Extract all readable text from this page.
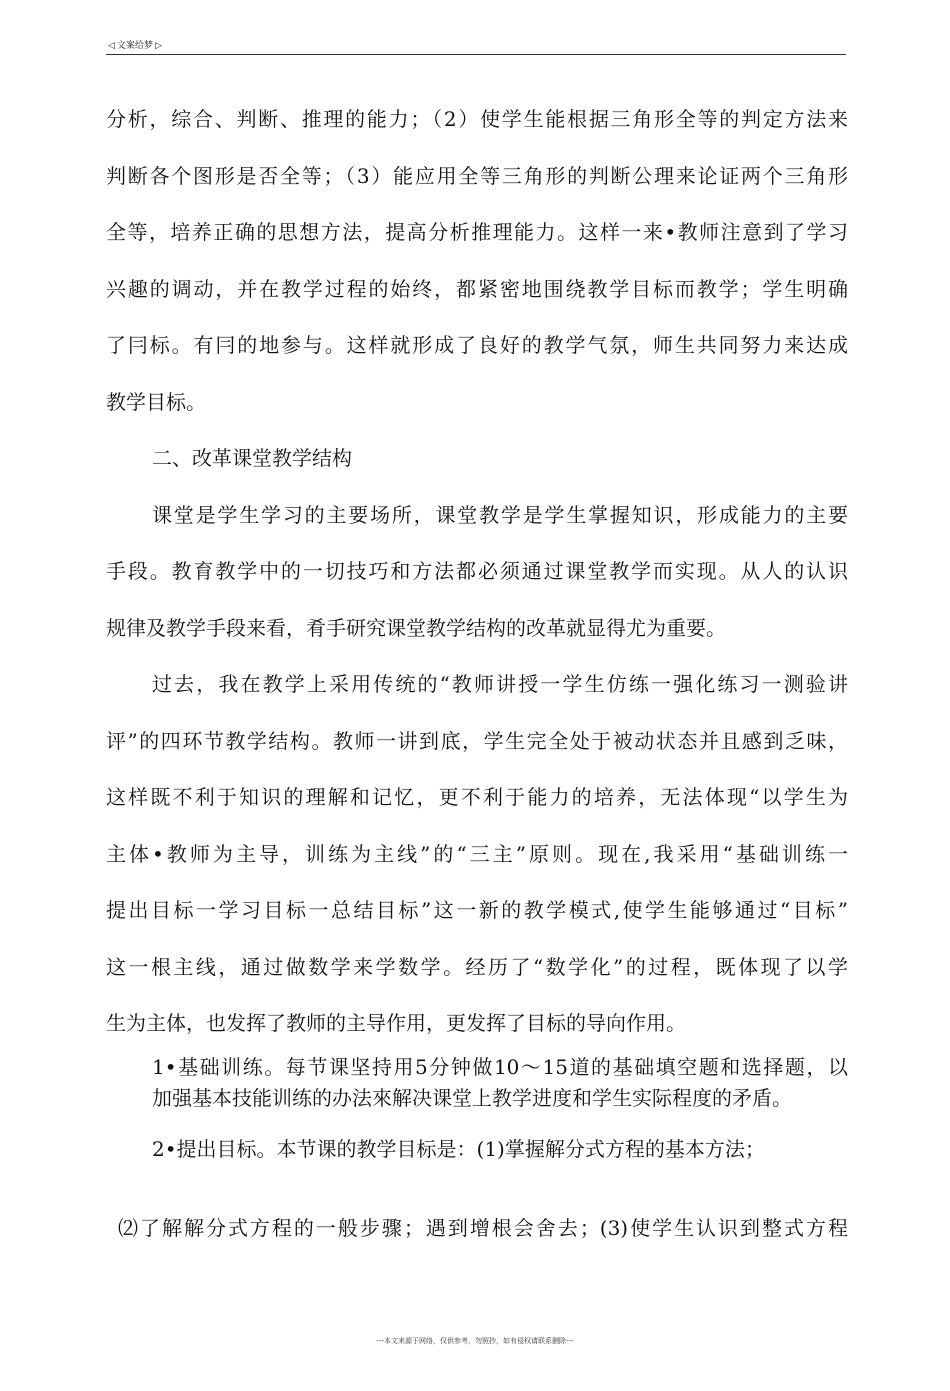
◁ 文案给梦 ▷
分析，综合、判断、推理的能力；（2）使学生能根据三角形全等的判定方法来
判断各个图形是否全等；（3）能应用全等三角形的判断公理来论证两个三角形
全等，培养正确的思想方法，提高分析推理能力。这样一来•教师注意到了学习
兴趣的调动，并在教学过程的始终，都紧密地围绕教学目标而教学；学生明确
了冃标。有冃的地参与。这样就形成了良好的教学气氛，师生共同努力来达成
教学目标。
二、改革课堂教学结构
课堂是学生学习的主要场所，课堂教学是学生掌握知识，形成能力的主要
手段。教育教学中的一切技巧和方法都必须通过课堂教学而实现。从人的认识
规律及教学手段来看，肴手研究课堂教学结构的改革就显得尤为重要。
过去，我在教学上采用传统的“教师讲授一学生仿练一强化练习一测验讲
评”的四环节教学结构。教师一讲到底，学生完全处于被动状态并且感到乏味，
这样既不利于知识的理解和记忆，更不利于能力的培养，无法体现“以学生为
主体•教师为主导，训练为主线”的“三主”原则。现在,我采用“基础训练一
提出目标一学习目标一总结目标”这一新的教学模式,使学生能够通过“目标”
这一根主线，通过做数学来学数学。经历了“数学化”的过程，既体现了以学
生为主体，也发挥了教师的主导作用，更发挥了目标的导向作用。
1•基础训练。每节课坚持用5分钟做10〜15道的基础填空题和选择题，以
加强基本技能训练的办法來解决课堂上教学进度和学生实际程度的矛盾。
2•提出目标。本节课的教学目标是：(1)掌握解分式方程的基本方法；
⑵了解解分式方程的一般步骤；遇到增根会舍去；(3)使学生认识到整式方程
---本文来源于网络，仅供参考，勿照抄，如有侵权请联系删除---
